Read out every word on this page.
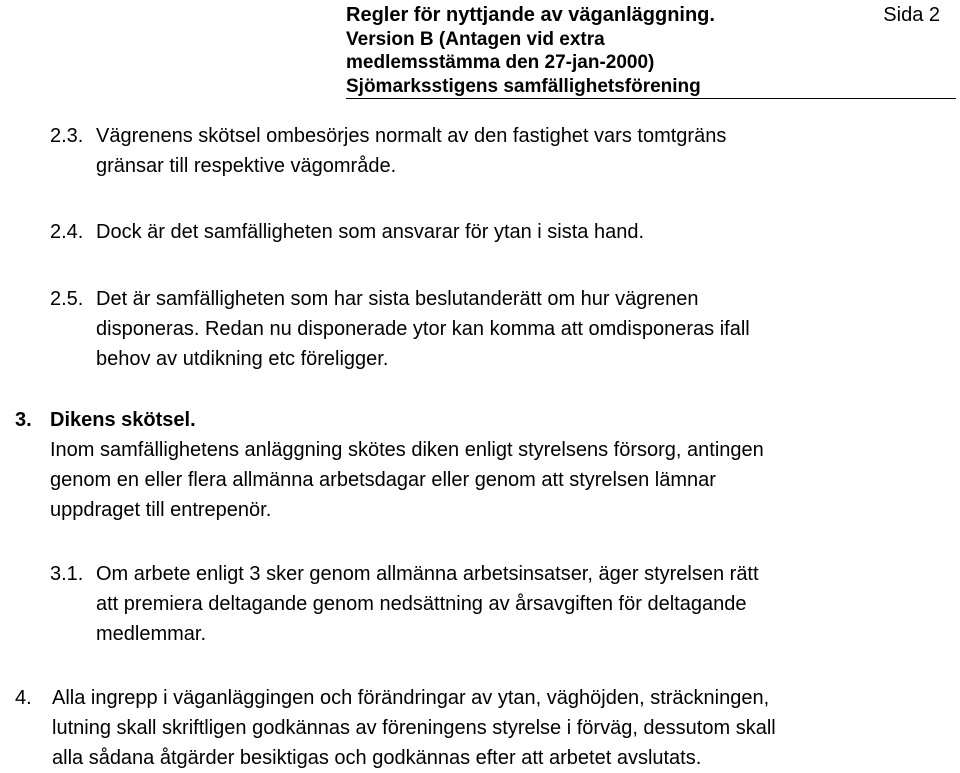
Regler för nyttjande av väganläggning.	Sida 2
Version B (Antagen vid extra
medlemsstämma den 27-jan-2000)
Sjömarksstigens samfällighetsförening
2.3. Vägrenens skötsel ombesörjes normalt av den fastighet vars tomtgräns
gränsar till respektive vägområde.
2.4. Dock är det samfälligheten som ansvarar för ytan i sista hand.
2.5. Det är samfälligheten som har sista beslutanderätt om hur vägrenen
disponeras. Redan nu disponerade ytor kan komma att omdisponeras ifall
behov av utdikning etc föreligger.
3. Dikens skötsel.
Inom samfällighetens anläggning skötes diken enligt styrelsens försorg, antingen
genom en eller flera allmänna arbetsdagar eller genom att styrelsen lämnar
uppdraget till entrepenör.
3.1. Om arbete enligt 3 sker genom allmänna arbetsinsatser, äger styrelsen rätt
att premiera deltagande genom nedsättning av årsavgiften för deltagande
medlemmar.
4. Alla ingrepp i väganläggingen och förändringar av ytan, väghöjden, sträckningen,
lutning skall skriftligen godkännas av föreningens styrelse i förväg, dessutom skall
alla sådana åtgärder besiktigas och godkännas efter att arbetet avslutats.
